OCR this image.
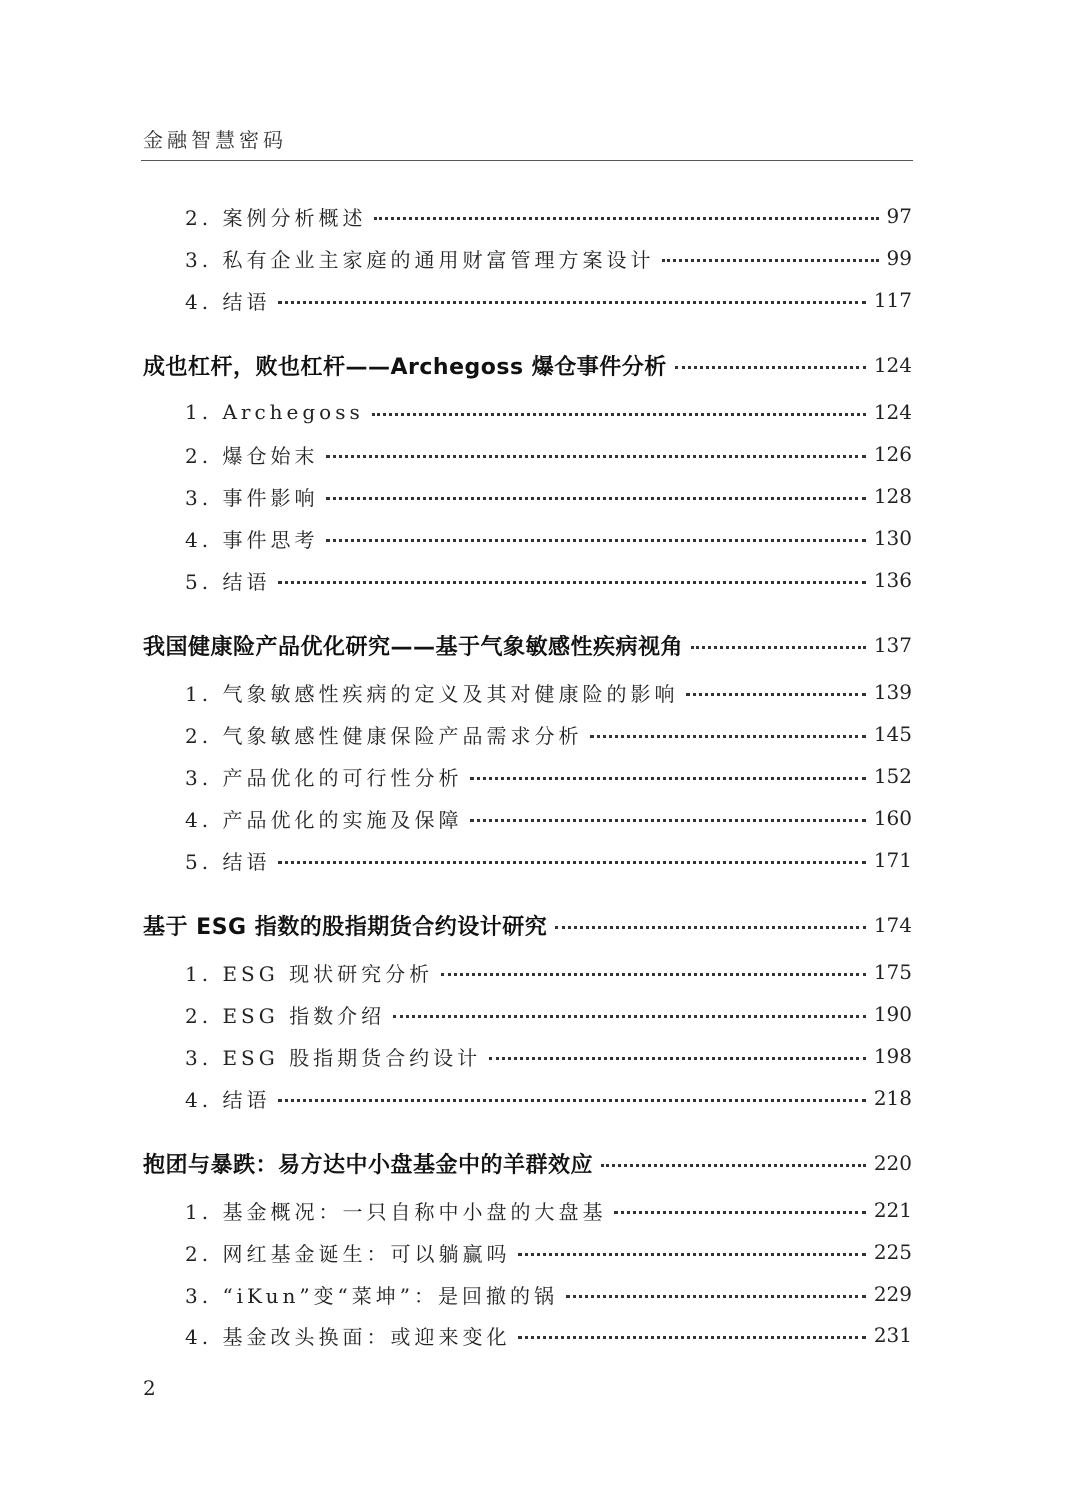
金融智慧密码
2. 案例分析概述	97
3. 私有企业主家庭的通用财富管理方案设计	99
4. 结语	117
成也杠杆，败也杠杆——Archegoss 爆仓事件分析	124
1. Archegoss	124
2. 爆仓始末	126
3. 事件影响	128
4. 事件思考	130
5. 结语	136
我国健康险产品优化研究——基于气象敏感性疾病视角	137
1. 气象敏感性疾病的定义及其对健康险的影响	139
2. 气象敏感性健康保险产品需求分析	145
3. 产品优化的可行性分析	152
4. 产品优化的实施及保障	160
5. 结语	171
基于 ESG 指数的股指期货合约设计研究	174
1. ESG 现状研究分析	175
2. ESG 指数介绍	190
3. ESG 股指期货合约设计	198
4. 结语	218
抱团与暴跌：易方达中小盘基金中的羊群效应	220
1. 基金概况：一只自称中小盘的大盘基	221
2. 网红基金诞生：可以躺赢吗	225
3. “iKun”变“菜坤”：是回撤的锅	229
4. 基金改头换面：或迎来变化	231
2
